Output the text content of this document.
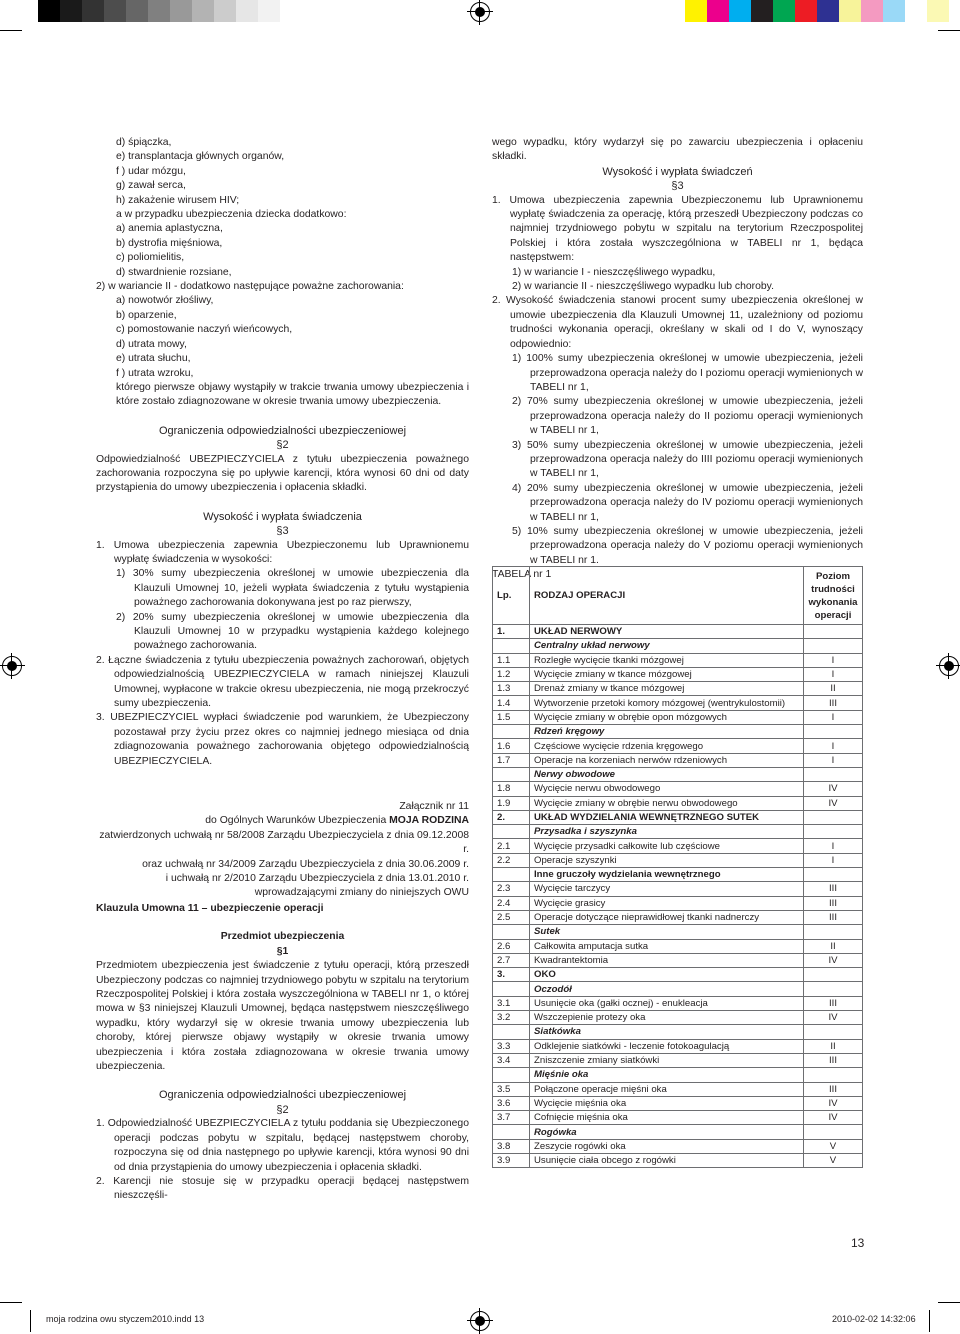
d) śpiączka,

e) transplantacja głównych organów,

f ) udar mózgu,

g) zawał serca,

h) zakażenie wirusem HIV;

a w przypadku ubezpieczenia dziecka dodatkowo:

a) anemia aplastyczna,

b) dystrofia mięśniowa,

c) poliomielitis,

d) stwardnienie rozsiane,

2) w wariancie II - dodatkowo następujące poważne zachorowania:

a) nowotwór złośliwy,

b) oparzenie,

c) pomostowanie naczyń wieńcowych,

d) utrata mowy,

e) utrata słuchu,

f ) utrata wzroku,

którego pierwsze objawy wystąpiły w trakcie trwania umowy ubezpieczenia i które zostało zdiagnozowane w okresie trwania umowy ubezpieczenia.

Ograniczenia odpowiedzialności ubezpieczeniowej

§2

Odpowiedzialność UBEZPIECZYCIELA z tytułu ubezpieczenia poważnego zachorowania rozpoczyna się po upływie karencji, która wynosi 60 dni od daty przystąpienia do umowy ubezpieczenia i opłacenia składki.

Wysokość i wypłata świadczenia

§3

1. Umowa ubezpieczenia zapewnia Ubezpieczonemu lub Uprawnionemu wypłatę świadczenia w wysokości:

1) 30% sumy ubezpieczenia określonej w umowie ubezpieczenia dla Klauzuli Umownej 10, jeżeli wypłata świadczenia z tytułu wystąpienia poważnego zachorowania dokonywana jest po raz pierwszy,

2) 20% sumy ubezpieczenia określonej w umowie ubezpieczenia dla Klauzuli Umownej 10 w przypadku wystąpienia każdego kolejnego poważnego zachorowania.

2. Łączne świadczenia z tytułu ubezpieczenia poważnych zachorowań, objętych odpowiedzialnością UBEZPIECZYCIELA w ramach niniejszej Klauzuli Umownej, wypłacone w trakcie okresu ubezpieczenia, nie mogą przekroczyć sumy ubezpieczenia.

3. UBEZPIECZYCIEL wypłaci świadczenie pod warunkiem, że Ubezpieczony pozostawał przy życiu przez okres co najmniej jednego miesiąca od dnia zdiagnozowania poważnego zachorowania objętego odpowiedzialnością UBEZPIECZYCIELA.

Załącznik nr 11

do Ogólnych Warunków Ubezpieczenia MOJA RODZINA

zatwierdzonych uchwałą nr 58/2008 Zarządu Ubezpieczyciela z dnia 09.12.2008 r.

oraz uchwałą nr 34/2009 Zarządu Ubezpieczyciela z dnia 30.06.2009 r.

i uchwałą nr 2/2010 Zarządu Ubezpieczyciela z dnia 13.01.2010 r.

wprowadzającymi zmiany do niniejszych OWU

Klauzula Umowna 11 – ubezpieczenie operacji

Przedmiot ubezpieczenia

§1

Przedmiotem ubezpieczenia jest świadczenie z tytułu operacji, którą przeszedł Ubezpieczony podczas co najmniej trzydniowego pobytu w szpitalu na terytorium Rzeczpospolitej Polskiej i która została wyszczególniona w TABELI nr 1, o której mowa w §3 niniejszej Klauzuli Umownej, będąca następstwem nieszczęśliwego wypadku, który wydarzył się w okresie trwania umowy ubezpieczenia lub choroby, której pierwsze objawy wystąpiły w okresie trwania umowy ubezpieczenia i która została zdiagnozowana w okresie trwania umowy ubezpieczenia.

Ograniczenia odpowiedzialności ubezpieczeniowej

§2

1. Odpowiedzialność UBEZPIECZYCIELA z tytułu poddania się Ubezpieczonego operacji podczas pobytu w szpitalu, będącej następstwem choroby, rozpoczyna się od dnia następnego po upływie karencji, która wynosi 90 dni od dnia przystąpienia do umowy ubezpieczenia i opłacenia składki.

2. Karencji nie stosuje się w przypadku operacji będącej następstwem nieszczęśli-

wego wypadku, który wydarzył się po zawarciu ubezpieczenia i opłaceniu składki.

Wysokość i wypłata świadczeń

§3

1. Umowa ubezpieczenia zapewnia Ubezpieczonemu lub Uprawnionemu wypłatę świadczenia za operację, którą przeszedł Ubezpieczony podczas co najmniej trzydniowego pobytu w szpitalu na terytorium Rzeczpospolitej Polskiej i która została wyszczególniona w TABELI nr 1, będąca następstwem:

1) w wariancie I - nieszczęśliwego wypadku,

2) w wariancie II - nieszczęśliwego wypadku lub choroby.

2. Wysokość świadczenia stanowi procent sumy ubezpieczenia określonej w umowie ubezpieczenia dla Klauzuli Umownej 11, uzależniony od poziomu trudności wykonania operacji, określany w skali od I do V, wynoszący odpowiednio:

1) 100% sumy ubezpieczenia określonej w umowie ubezpieczenia, jeżeli przeprowadzona operacja należy do I poziomu operacji wymienionych w TABELI nr 1,

2) 70% sumy ubezpieczenia określonej w umowie ubezpieczenia, jeżeli przeprowadzona operacja należy do II poziomu operacji wymienionych w TABELI nr 1,

3) 50% sumy ubezpieczenia określonej w umowie ubezpieczenia, jeżeli przeprowadzona operacja należy do IIII poziomu operacji wymienionych w TABELI nr 1,

4) 20% sumy ubezpieczenia określonej w umowie ubezpieczenia, jeżeli przeprowadzona operacja należy do IV poziomu operacji wymienionych w TABELI nr 1,

5) 10% sumy ubezpieczenia określonej w umowie ubezpieczenia, jeżeli przeprowadzona operacja należy do V poziomu operacji wymienionych w TABELI nr 1.

TABELA nr 1

Lp.	RODZAJ OPERACJI	Poziom trudności wykonania operacji
1.	UKŁAD NERWOWY	
	Centralny układ nerwowy	
1.1	Rozległe wycięcie tkanki mózgowej	I
1.2	Wycięcie zmiany w tkance mózgowej	I
1.3	Drenaż zmiany w tkance mózgowej	II
1.4	Wytworzenie przetoki komory mózgowej (wentrykulostomii)	III
1.5	Wycięcie zmiany w obrębie opon mózgowych	I
	Rdzeń kręgowy	
1.6	Częściowe wycięcie rdzenia kręgowego	I
1.7	Operacje na korzeniach nerwów rdzeniowych	I
	Nerwy obwodowe	
1.8	Wycięcie nerwu obwodowego	IV
1.9	Wycięcie zmiany w obrębie nerwu obwodowego	IV
2.	UKŁAD WYDZIELANIA WEWNĘTRZNEGO SUTEK	
	Przysadka i szyszynka	
2.1	Wycięcie przysadki całkowite lub częściowe	I
2.2	Operacje szyszynki	I
	Inne gruczoły wydzielania wewnętrznego	
2.3	Wycięcie tarczycy	III
2.4	Wycięcie grasicy	III
2.5	Operacje dotyczące nieprawidłowej tkanki nadnerczy	III
	Sutek	
2.6	Całkowita amputacja sutka	II
2.7	Kwadrantektomia	IV
3.	OKO	
	Oczodół	
3.1	Usunięcie oka (gałki ocznej) - enukleacja	III
3.2	Wszczepienie protezy oka	IV
	Siatkówka	
3.3	Odklejenie siatkówki - leczenie fotokoagulacją	II
3.4	Zniszczenie zmiany siatkówki	III
	Mięśnie oka	
3.5	Połączone operacje mięśni oka	III
3.6	Wycięcie mięśnia oka	IV
3.7	Cofnięcie mięśnia oka	IV
	Rogówka	
3.8	Zeszycie rogówki oka	V
3.9	Usunięcie ciała obcego z rogówki	V
13
moja rodzina owu styczem2010.indd 13	2010-02-02 14:32:06
